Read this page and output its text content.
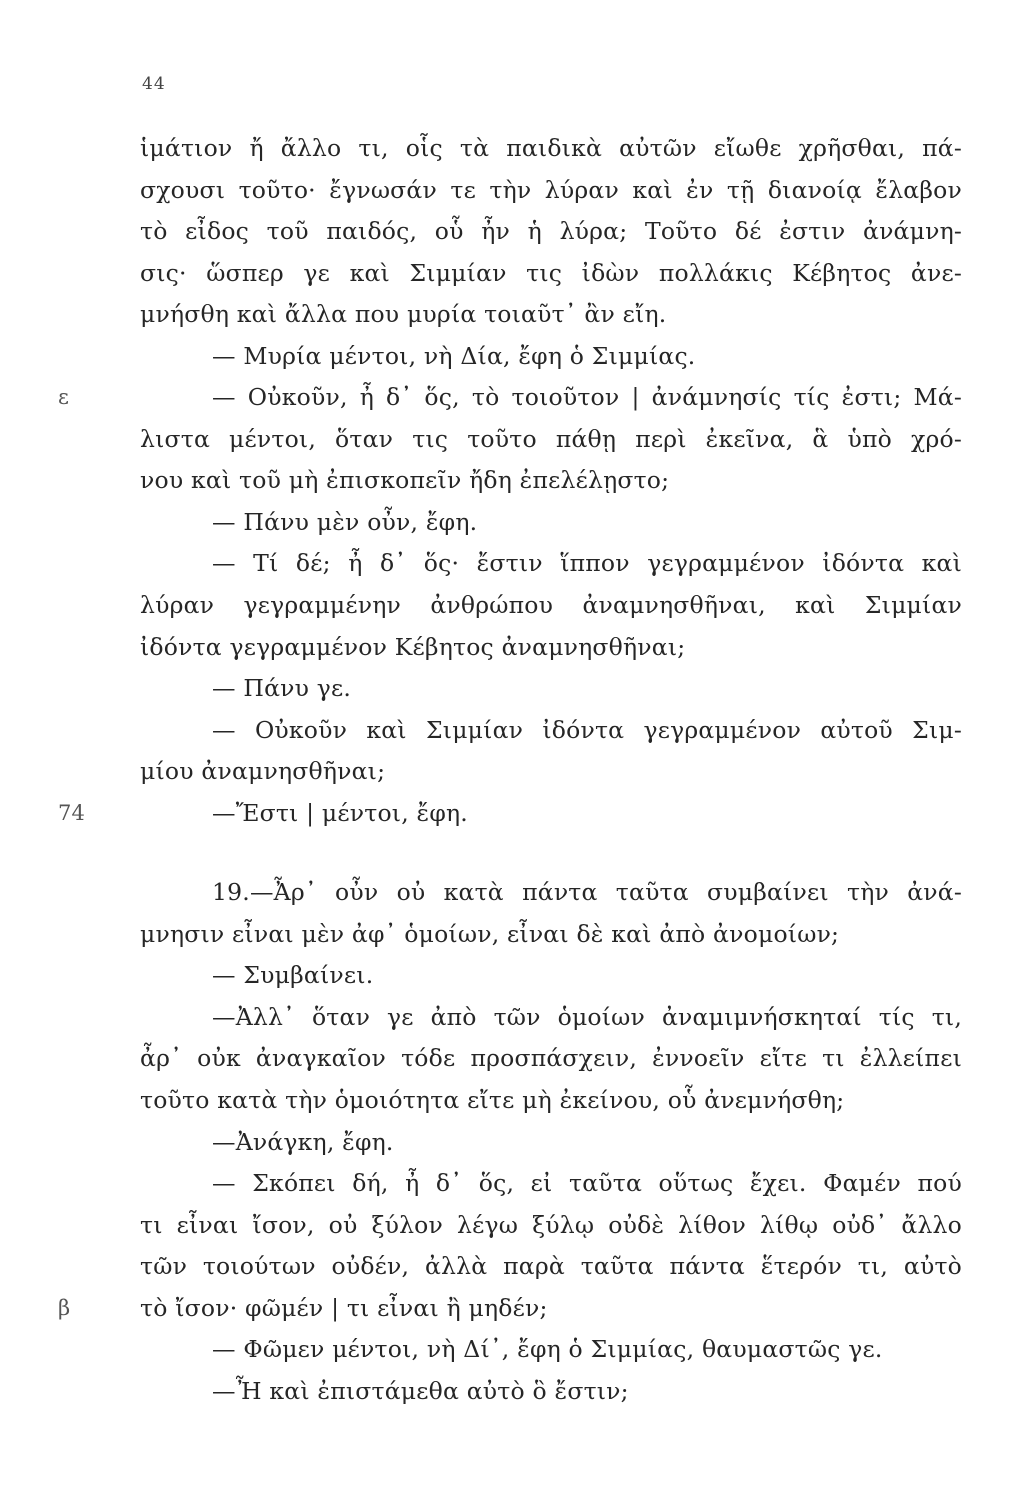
44
ἱμάτιον ἤ ἄλλο τι, οἷς τὰ παιδικὰ αὐτῶν εἴωθε χρῆσθαι, πά-
σχουσι τοῦτο· ἔγνωσάν τε τὴν λύραν καὶ ἐν τῇ διανοίᾳ ἔλαβον
τὸ εἶδος τοῦ παιδός, οὗ ἦν ἡ λύρα; Τοῦτο δέ ἐστιν ἀνάμνη-
σις· ὥσπερ γε καὶ Σιμμίαν τις ἰδὼν πολλάκις Κέβητος ἀνε-
μνήσθη καὶ ἄλλα που μυρία τοιαῦτ᾽ ἂν εἴη.
— Μυρία μέντοι, νὴ Δία, ἔφη ὁ Σιμμίας.
— Οὐκοῦν, ἦ δ᾽ ὅς, τὸ τοιοῦτον | ἀνάμνησίς τίς ἐστι; Μά-
ε
λιστα μέντοι, ὅταν τις τοῦτο πάθῃ περὶ ἐκεῖνα, ἃ ὑπὸ χρό-
νου καὶ τοῦ μὴ ἐπισκοπεῖν ἤδη ἐπελέλῃστο;
— Πάνυ μὲν οὖν, ἔφη.
— Τί δέ; ἦ δ᾽ ὅς· ἔστιν ἵππον γεγραμμένον ἰδόντα καὶ
λύραν γεγραμμένην ἀνθρώπου ἀναμνησθῆναι, καὶ Σιμμίαν
ἰδόντα γεγραμμένον Κέβητος ἀναμνησθῆναι;
— Πάνυ γε.
— Οὐκοῦν καὶ Σιμμίαν ἰδόντα γεγραμμένον αὐτοῦ Σιμ-
μίου ἀναμνησθῆναι;
—Ἔστι | μέντοι, ἔφη.
74
19.—Ἆρ᾽ οὖν οὐ κατὰ πάντα ταῦτα συμβαίνει τὴν ἀνά-
μνησιν εἶναι μὲν ἀφ᾽ ὁμοίων, εἶναι δὲ καὶ ἀπὸ ἀνομοίων;
— Συμβαίνει.
—Ἀλλ᾽ ὅταν γε ἀπὸ τῶν ὁμοίων ἀναμιμνήσκηταί τίς τι,
ἆρ᾽ οὐκ ἀναγκαῖον τόδε προσπάσχειν, ἐννοεῖν εἴτε τι ἐλλείπει
τοῦτο κατὰ τὴν ὁμοιότητα εἴτε μὴ ἐκείνου, οὗ ἀνεμνήσθη;
—Ἀνάγκη, ἔφη.
— Σκόπει δή, ἦ δ᾽ ὅς, εἰ ταῦτα οὕτως ἔχει. Φαμέν πού
τι εἶναι ἴσον, οὐ ξύλον λέγω ξύλῳ οὐδὲ λίθον λίθῳ οὐδ᾽ ἄλλο
τῶν τοιούτων οὐδέν, ἀλλὰ παρὰ ταῦτα πάντα ἕτερόν τι, αὐτὸ
τὸ ἴσον· φῶμέν | τι εἶναι ἢ μηδέν;
β
— Φῶμεν μέντοι, νὴ Δί᾽, ἔφη ὁ Σιμμίας, θαυμαστῶς γε.
—Ἦ καὶ ἐπιστάμεθα αὐτὸ ὃ ἔστιν;
